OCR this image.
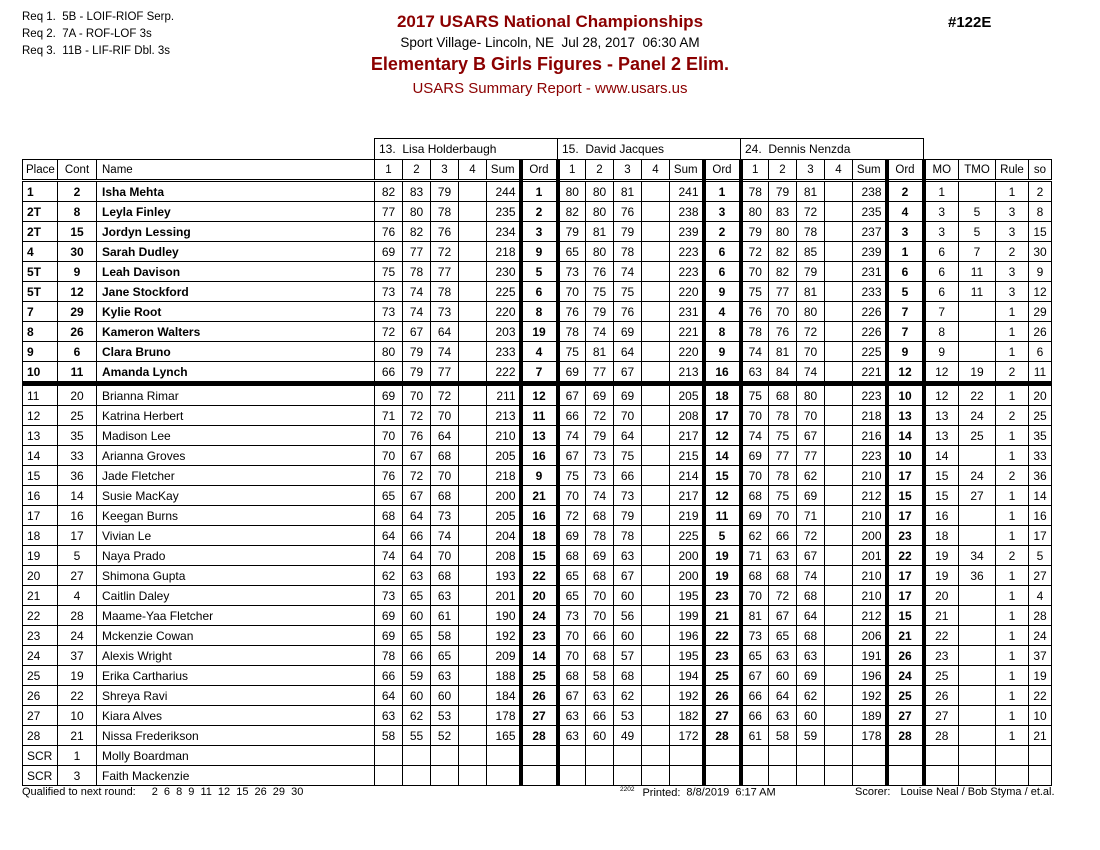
Req 1.  5B - LOIF-RIOF Serp.
Req 2.  7A - ROF-LOF 3s
Req 3.  11B - LIF-RIF Dbl. 3s
2017 USARS National Championships
Sport Village- Lincoln, NE  Jul 28, 2017  06:30 AM
Elementary B Girls Figures - Panel 2 Elim.
USARS Summary Report - www.usars.us
#122E
			13.  Lisa Holderbaugh						15.  David Jacques						24.  Dennis Nenzda									
Place	Cont	Name	1	2	3	4	Sum	Ord	1	2	3	4	Sum	Ord	1	2	3	4	Sum	Ord	MO	TMO	Rule	so
1	2	Isha Mehta	82	83	79		244	1	80	80	81		241	1	78	79	81		238	2	1		1	2
2T	8	Leyla Finley	77	80	78		235	2	82	80	76		238	3	80	83	72		235	4	3	5	3	8
2T	15	Jordyn Lessing	76	82	76		234	3	79	81	79		239	2	79	80	78		237	3	3	5	3	15
4	30	Sarah Dudley	69	77	72		218	9	65	80	78		223	6	72	82	85		239	1	6	7	2	30
5T	9	Leah Davison	75	78	77		230	5	73	76	74		223	6	70	82	79		231	6	6	11	3	9
5T	12	Jane Stockford	73	74	78		225	6	70	75	75		220	9	75	77	81		233	5	6	11	3	12
7	29	Kylie Root	73	74	73		220	8	76	79	76		231	4	76	70	80		226	7	7		1	29
8	26	Kameron Walters	72	67	64		203	19	78	74	69		221	8	78	76	72		226	7	8		1	26
9	6	Clara Bruno	80	79	74		233	4	75	81	64		220	9	74	81	70		225	9	9		1	6
10	11	Amanda Lynch	66	79	77		222	7	69	77	67		213	16	63	84	74		221	12	12	19	2	11
11	20	Brianna Rimar	69	70	72		211	12	67	69	69		205	18	75	68	80		223	10	12	22	1	20
12	25	Katrina Herbert	71	72	70		213	11	66	72	70		208	17	70	78	70		218	13	13	24	2	25
13	35	Madison Lee	70	76	64		210	13	74	79	64		217	12	74	75	67		216	14	13	25	1	35
14	33	Arianna Groves	70	67	68		205	16	67	73	75		215	14	69	77	77		223	10	14		1	33
15	36	Jade Fletcher	76	72	70		218	9	75	73	66		214	15	70	78	62		210	17	15	24	2	36
16	14	Susie MacKay	65	67	68		200	21	70	74	73		217	12	68	75	69		212	15	15	27	1	14
17	16	Keegan Burns	68	64	73		205	16	72	68	79		219	11	69	70	71		210	17	16		1	16
18	17	Vivian Le	64	66	74		204	18	69	78	78		225	5	62	66	72		200	23	18		1	17
19	5	Naya Prado	74	64	70		208	15	68	69	63		200	19	71	63	67		201	22	19	34	2	5
20	27	Shimona Gupta	62	63	68		193	22	65	68	67		200	19	68	68	74		210	17	19	36	1	27
21	4	Caitlin Daley	73	65	63		201	20	65	70	60		195	23	70	72	68		210	17	20		1	4
22	28	Maame-Yaa Fletcher	69	60	61		190	24	73	70	56		199	21	81	67	64		212	15	21		1	28
23	24	Mckenzie Cowan	69	65	58		192	23	70	66	60		196	22	73	65	68		206	21	22		1	24
24	37	Alexis Wright	78	66	65		209	14	70	68	57		195	23	65	63	63		191	26	23		1	37
25	19	Erika Cartharius	66	59	63		188	25	68	58	68		194	25	67	60	69		196	24	25		1	19
26	22	Shreya Ravi	64	60	60		184	26	67	63	62		192	26	66	64	62		192	25	26		1	22
27	10	Kiara Alves	63	62	53		178	27	63	66	53		182	27	66	63	60		189	27	27		1	10
28	21	Nissa Frederikson	58	55	52		165	28	63	60	49		172	28	61	58	59		178	28	28		1	21
SCR	1	Molly Boardman																						
SCR	3	Faith Mackenzie																						
Qualified to next round: 2 6 8 9 11 12 15 26 29 30	$^{2202}$ Printed: 8/8/2019  6:17 AM	Scorer: Louise Neal / Bob Styma / et.al.
